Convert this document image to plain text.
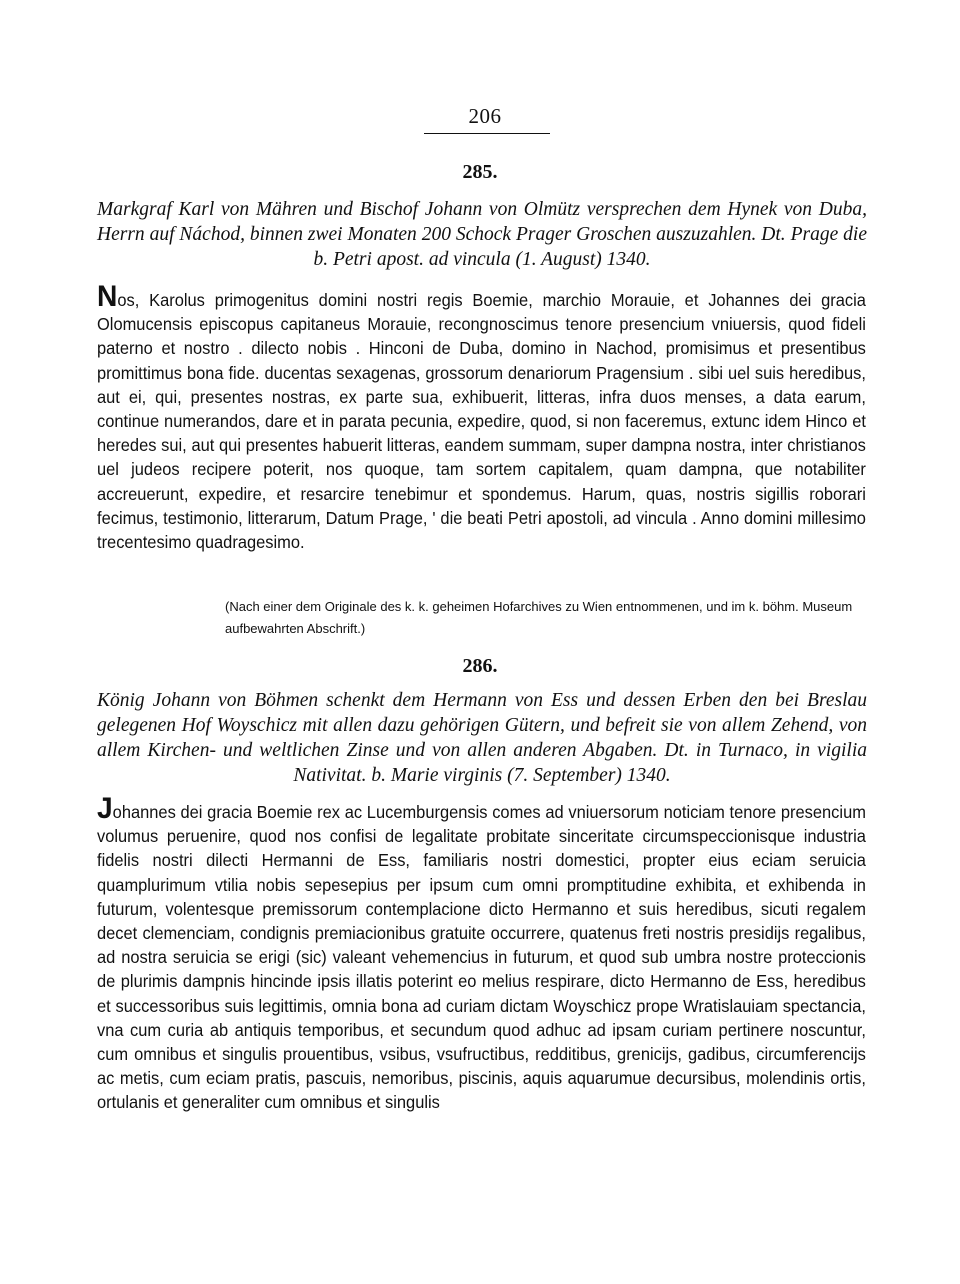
206
285.
Markgraf Karl von Mähren und Bischof Johann von Olmütz versprechen dem Hynek von Duba, Herrn auf Náchod, binnen zwei Monaten 200 Schock Prager Groschen auszuzahlen. Dt. Prage die b. Petri apost. ad vincula (1. August) 1340.
Nos, Karolus primogenitus domini nostri regis Boemie, marchio Morauie, et Johannes dei gracia Olomucensis episcopus capitaneus Morauie, recongnoscimus tenore presencium vniuersis, quod fideli paterno et nostro . dilecto nobis . Hinconi de Duba, domino in Nachod, promisimus et presentibus promittimus bona fide. ducentas sexagenas, grossorum denariorum Pragensium . sibi uel suis heredibus, aut ei, qui, presentes nostras, ex parte sua, exhibuerit, litteras, infra duos menses, a data earum, continue numerandos, dare et in parata pecunia, expedire, quod, si non faceremus, extunc idem Hinco et heredes sui, aut qui presentes habuerit litteras, eandem summam, super dampna nostra, inter christianos uel judeos recipere poterit, nos quoque, tam sortem capitalem, quam dampna, que notabiliter accreuerunt, expedire, et resarcire tenebimur et spondemus. Harum, quas, nostris sigillis roborari fecimus, testimonio, litterarum, Datum Prage, ' die beati Petri apostoli, ad vincula . Anno domini millesimo trecentesimo quadragesimo.
(Nach einer dem Originale des k. k. geheimen Hofarchives zu Wien entnommenen, und im k. böhm. Museum aufbewahrten Abschrift.)
286.
König Johann von Böhmen schenkt dem Hermann von Ess und dessen Erben den bei Breslau gelegenen Hof Woyschicz mit allen dazu gehörigen Gütern, und befreit sie von allem Zehend, von allem Kirchen- und weltlichen Zinse und von allen anderen Abgaben. Dt. in Turnaco, in vigilia Nativitat. b. Marie virginis (7. September) 1340.
Johannes dei gracia Boemie rex ac Lucemburgensis comes ad vniuersorum noticiam tenore presencium volumus peruenire, quod nos confisi de legalitate probitate sinceritate circumspeccionisque industria fidelis nostri dilecti Hermanni de Ess, familiaris nostri domestici, propter eius eciam seruicia quamplurimum vtilia nobis sepesepius per ipsum cum omni promptitudine exhibita, et exhibenda in futurum, volentesque premissorum contemplacione dicto Hermanno et suis heredibus, sicuti regalem decet clemenciam, condignis premiacionibus gratuite occurrere, quatenus freti nostris presidijs regalibus, ad nostra seruicia se erigi (sic) valeant vehemencius in futurum, et quod sub umbra nostre proteccionis de plurimis dampnis hincinde ipsis illatis poterint eo melius respirare, dicto Hermanno de Ess, heredibus et successoribus suis legittimis, omnia bona ad curiam dictam Woyschicz prope Wratislauiam spectancia, vna cum curia ab antiquis temporibus, et secundum quod adhuc ad ipsam curiam pertinere noscuntur, cum omnibus et singulis prouentibus, vsibus, vsufructibus, redditibus, grenicijs, gadibus, circumferencijs ac metis, cum eciam pratis, pascuis, nemoribus, piscinis, aquis aquarumue decursibus, molendinis ortis, ortulanis et generaliter cum omnibus et singulis
